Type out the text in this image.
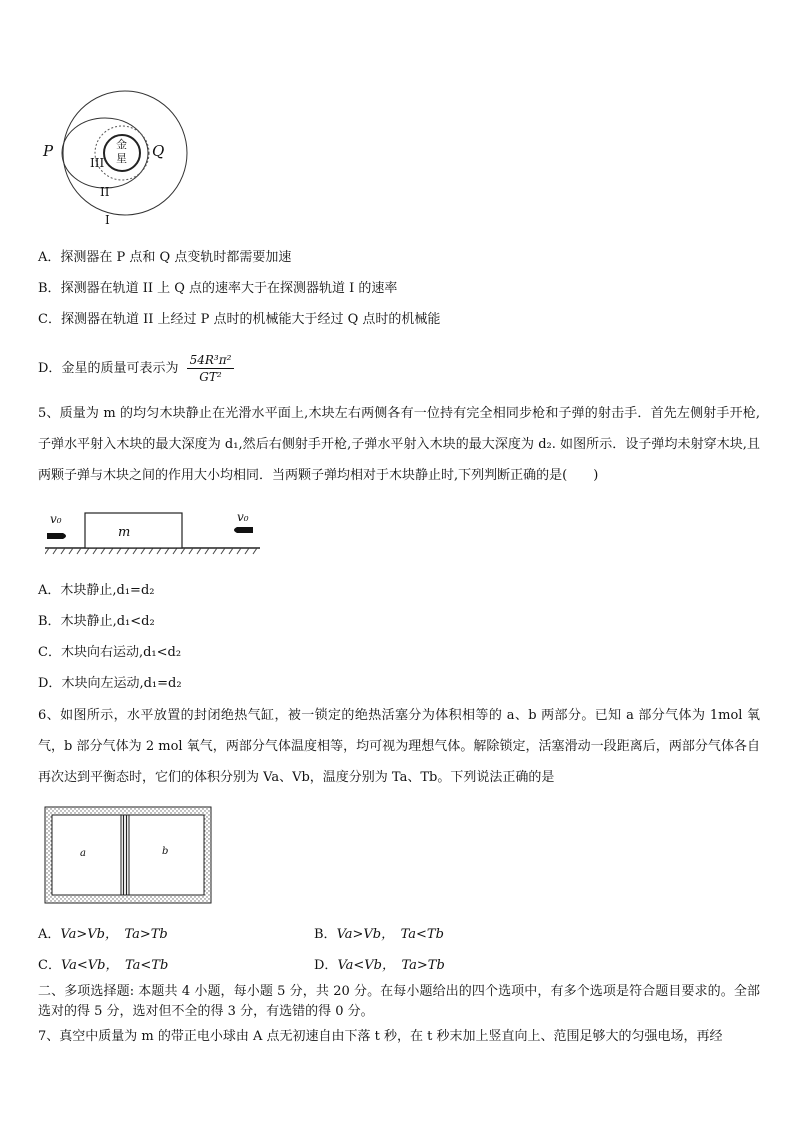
P	Q
金
星
III
II
I
A．探测器在 P 点和 Q 点变轨时都需要加速
B．探测器在轨道 II 上 Q 点的速率大于在探测器轨道 I 的速率
C．探测器在轨道 II 上经过 P 点时的机械能大于经过 Q 点时的机械能
D．金星的质量可表示为 $\frac{\text{54R³π²}}{\text{GT²}}$
5、质量为 m 的均匀木块静止在光滑水平面上,木块左右两侧各有一位持有完全相同步枪和子弹的射击手．首先左侧射手开枪,子弹水平射入木块的最大深度为 d₁,然后右侧射手开枪,子弹水平射入木块的最大深度为 d₂. 如图所示．设子弹均未射穿木块,且两颗子弹与木块之间的作用大小均相同．当两颗子弹均相对于木块静止时,下列判断正确的是(　　)
v₀	v₀
m
A．木块静止,d₁=d₂
B．木块静止,d₁<d₂
C．木块向右运动,d₁<d₂
D．木块向左运动,d₁=d₂
6、如图所示，水平放置的封闭绝热气缸，被一锁定的绝热活塞分为体积相等的 a、b 两部分。已知 a 部分气体为 1mol 氧气，b 部分气体为 2 mol 氧气，两部分气体温度相等，均可视为理想气体。解除锁定，活塞滑动一段距离后，两部分气体各自再次达到平衡态时，它们的体积分别为 Va、Vb，温度分别为 Ta、Tb。下列说法正确的是
a	b
A．Va>Vb，　Ta>Tb	B．Va>Vb，　Ta<Tb
C．Va<Vb，　Ta<Tb	D．Va<Vb，　Ta>Tb
二、多项选择题: 本题共 4 小题，每小题 5 分，共 20 分。在每小题给出的四个选项中，有多个选项是符合题目要求的。全部选对的得 5 分，选对但不全的得 3 分，有选错的得 0 分。
7、真空中质量为 m 的带正电小球由 A 点无初速自由下落 t 秒，在 t 秒末加上竖直向上、范围足够大的匀强电场，再经
